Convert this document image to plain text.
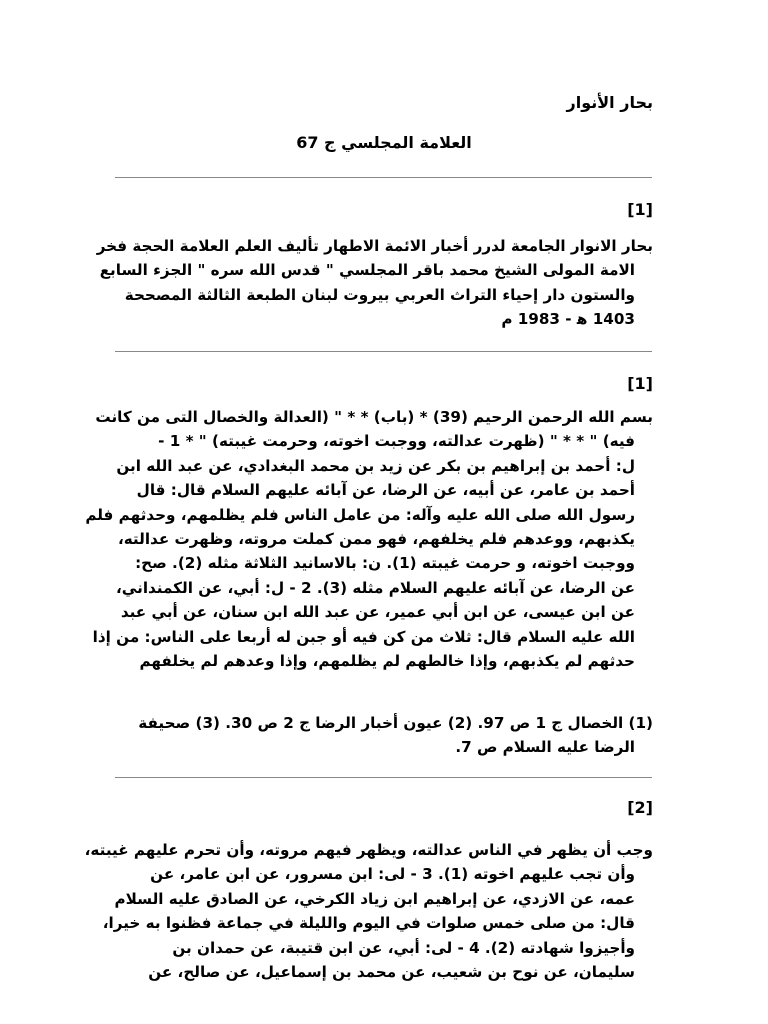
بحار الأنوار
العلامة المجلسي ج 67
[1]
بحار الانوار الجامعة لدرر أخبار الائمة الاطهار تأليف العلم العلامة الحجة فخر
الامة المولى الشيخ محمد باقر المجلسي " قدس الله سره " الجزء السابع
والستون دار إحياء التراث العربي بيروت لبنان الطبعة الثالثة المصححة
1403 ه‍ - 1983 م
[1]
بسم الله الرحمن الرحيم (39) * (باب) * * " (العدالة والخصال التى من كانت
فيه) " * * " (ظهرت عدالته، ووجبت اخوته، وحرمت غيبته) " * 1 -
ل: أحمد بن إبراهيم بن بكر عن زيد بن محمد البغدادي، عن عبد الله ابن
أحمد بن عامر، عن أبيه، عن الرضا، عن آبائه عليهم السلام قال: قال
رسول الله صلى الله عليه وآله: من عامل الناس فلم يظلمهم، وحدثهم فلم
يكذبهم، ووعدهم فلم يخلفهم، فهو ممن كملت مروته، وظهرت عدالته،
ووجبت اخوته، و حرمت غيبته (1). ن: بالاسانيد الثلاثة مثله (2). صح:
عن الرضا، عن آبائه عليهم السلام مثله (3). 2 - ل: أبي، عن الكمنداني،
عن ابن عيسى، عن ابن أبي عمير، عن عبد الله ابن سنان، عن أبي عبد
الله عليه السلام قال: ثلاث من كن فيه أو جبن له أربعا على الناس: من إذا
حدثهم لم يكذبهم، وإذا خالطهم لم يظلمهم، وإذا وعدهم لم يخلفهم
(1) الخصال ج 1 ص 97. (2) عيون أخبار الرضا ج 2 ص 30. (3) صحيفة
الرضا عليه السلام ص 7.
[2]
وجب أن يظهر في الناس عدالته، ويظهر فيهم مروته، وأن تحرم عليهم غيبته،
وأن تجب عليهم اخوته (1). 3 - لى: ابن مسرور، عن ابن عامر، عن
عمه، عن الازدي، عن إبراهيم ابن زياد الكرخي، عن الصادق عليه السلام
قال: من صلى خمس صلوات في اليوم والليلة في جماعة فظنوا به خيرا،
وأجيزوا شهادته (2). 4 - لى: أبي، عن ابن قتيبة، عن حمدان بن
سليمان، عن نوح بن شعيب، عن محمد بن إسماعيل، عن صالح، عن
